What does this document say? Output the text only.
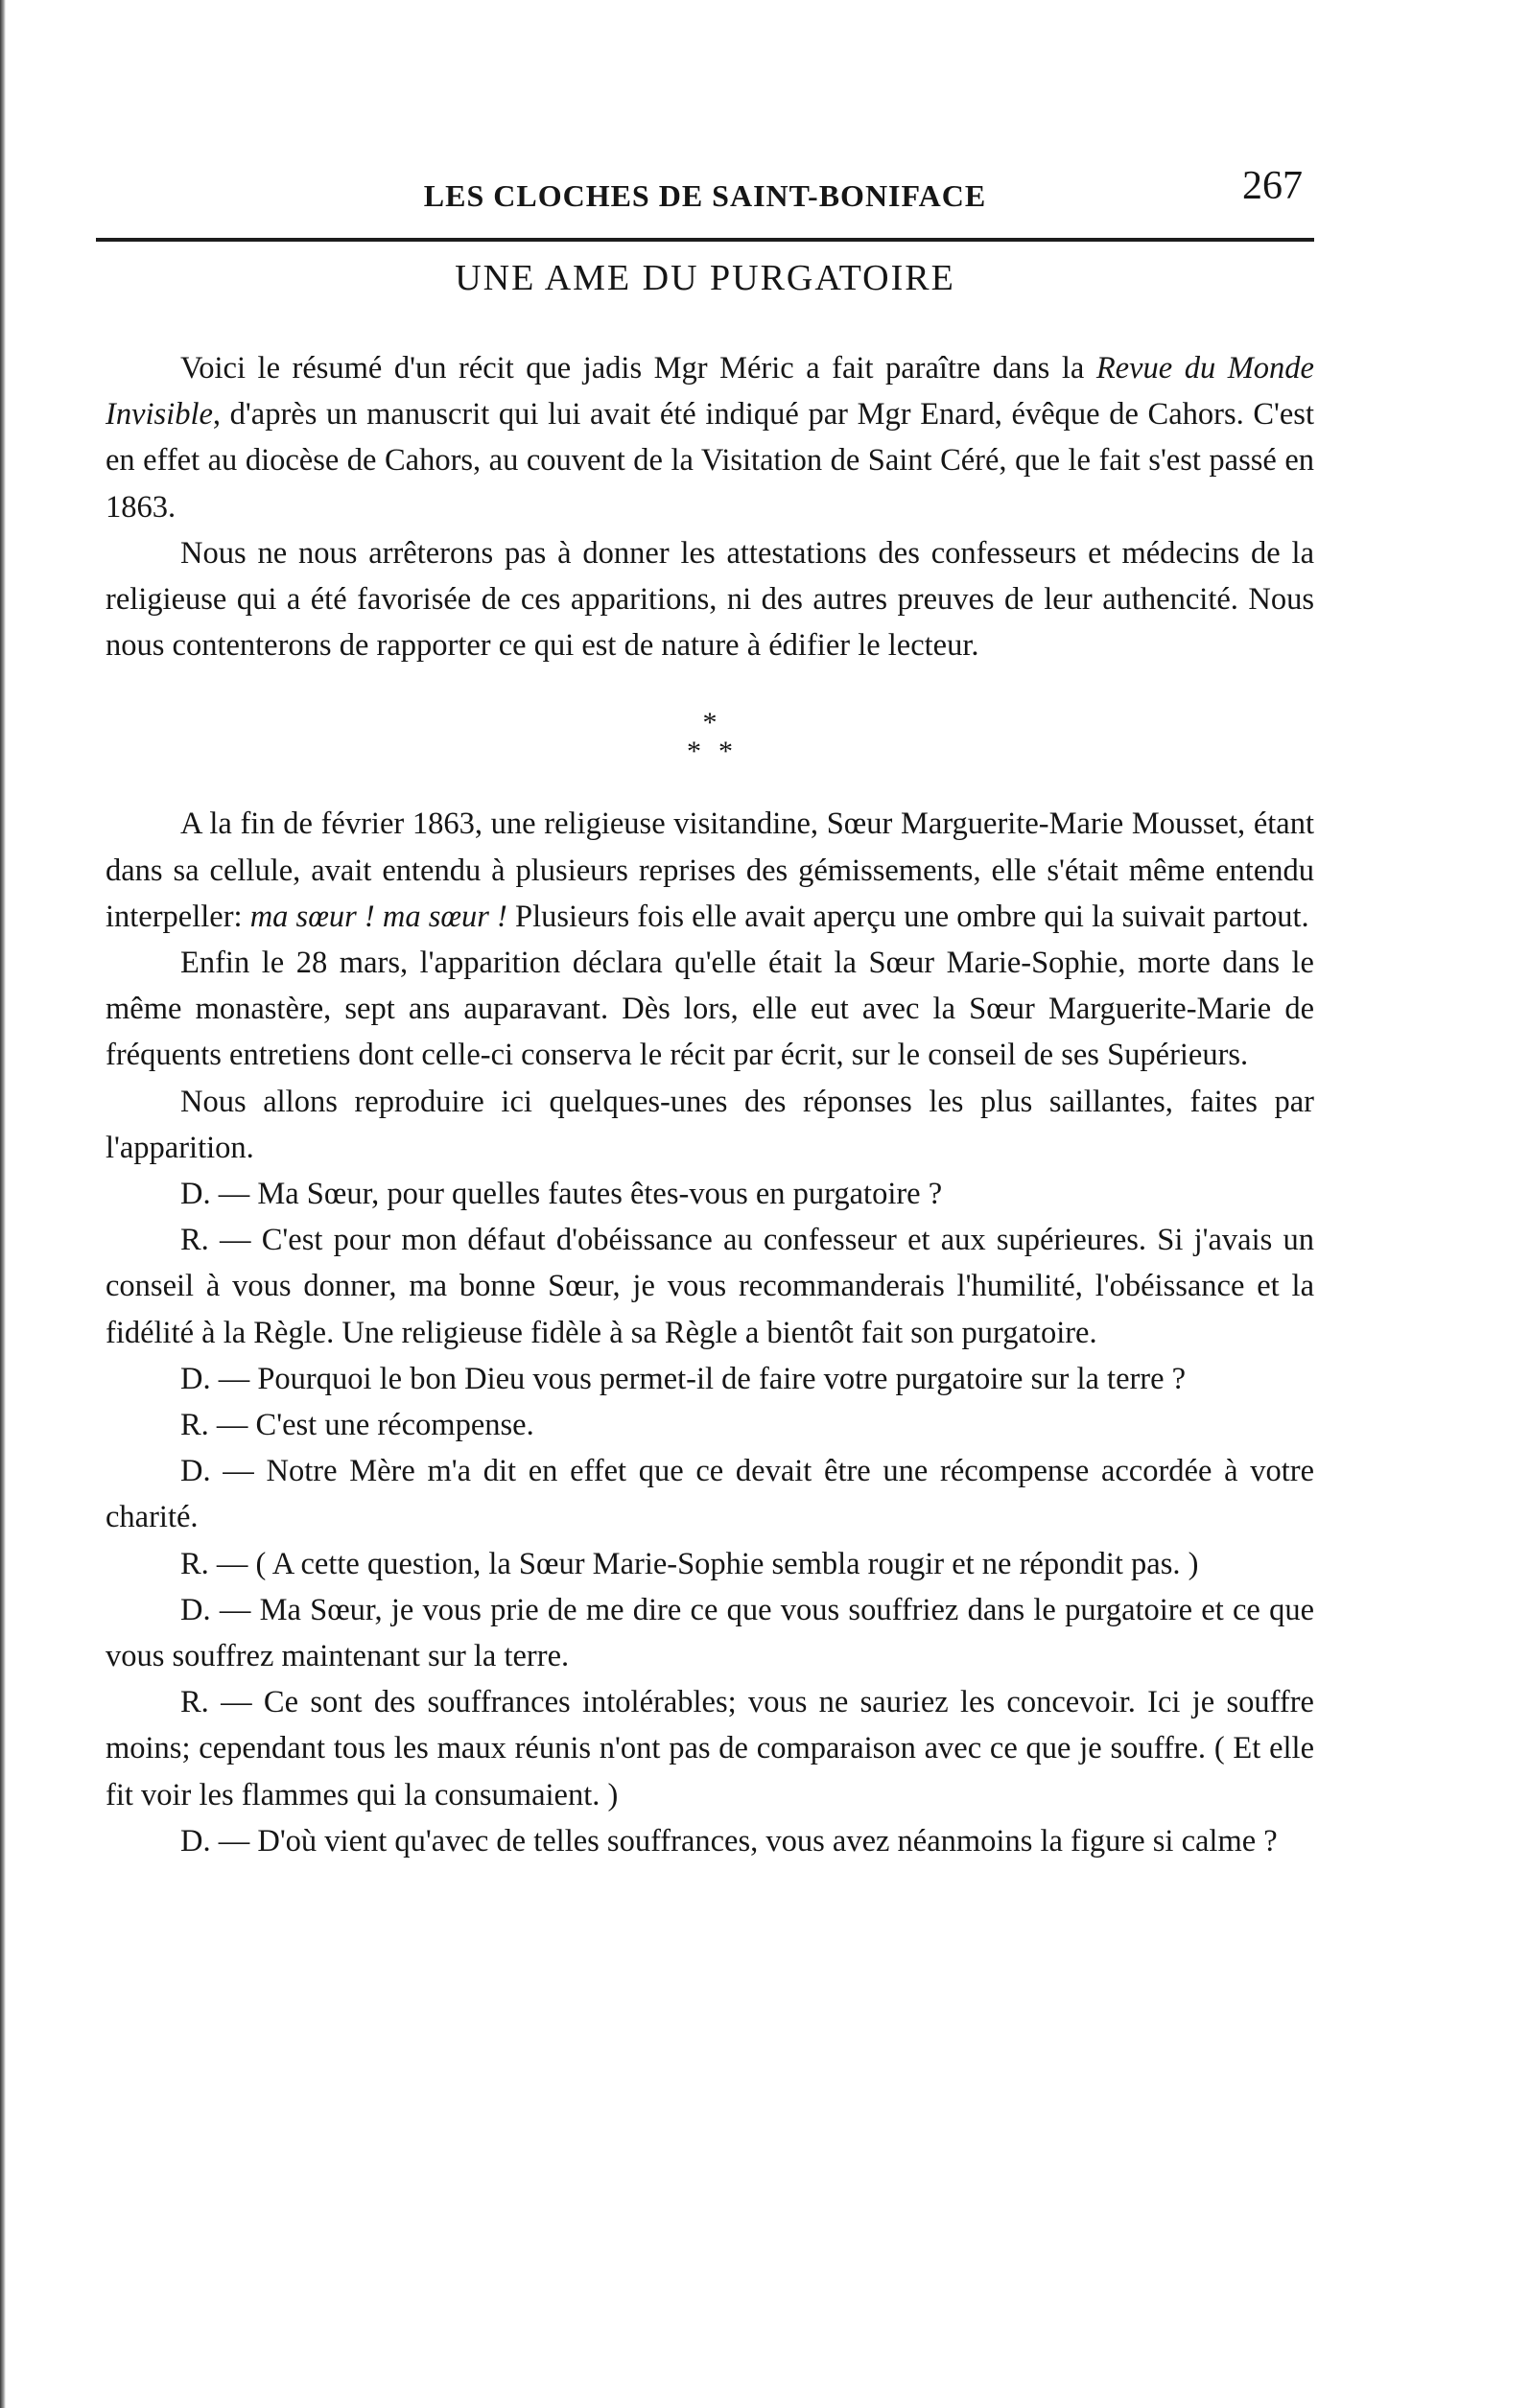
LES CLOCHES DE SAINT-BONIFACE	267
UNE AME DU PURGATOIRE

Voici le résumé d'un récit que jadis Mgr Méric a fait paraître dans la Revue du Monde Invisible, d'après un manuscrit qui lui avait été indiqué par Mgr Enard, évêque de Cahors. C'est en effet au diocèse de Cahors, au couvent de la Visitation de Saint Céré, que le fait s'est passé en 1863.

Nous ne nous arrêterons pas à donner les attestations des confesseurs et médecins de la religieuse qui a été favorisée de ces apparitions, ni des autres preuves de leur authencité. Nous nous contenterons de rapporter ce qui est de nature à édifier le lecteur.

*
**

A la fin de février 1863, une religieuse visitandine, Sœur Marguerite-Marie Mousset, étant dans sa cellule, avait entendu à plusieurs reprises des gémissements, elle s'était même entendu interpeller: ma sœur ! ma sœur ! Plusieurs fois elle avait aperçu une ombre qui la suivait partout.

Enfin le 28 mars, l'apparition déclara qu'elle était la Sœur Marie-Sophie, morte dans le même monastère, sept ans auparavant. Dès lors, elle eut avec la Sœur Marguerite-Marie de fréquents entretiens dont celle-ci conserva le récit par écrit, sur le conseil de ses Supérieurs.

Nous allons reproduire ici quelques-unes des réponses les plus saillantes, faites par l'apparition.

D. — Ma Sœur, pour quelles fautes êtes-vous en purgatoire ?

R. — C'est pour mon défaut d'obéissance au confesseur et aux supérieures. Si j'avais un conseil à vous donner, ma bonne Sœur, je vous recommanderais l'humilité, l'obéissance et la fidélité à la Règle. Une religieuse fidèle à sa Règle a bientôt fait son purgatoire.

D. — Pourquoi le bon Dieu vous permet-il de faire votre purgatoire sur la terre ?

R. — C'est une récompense.

D. — Notre Mère m'a dit en effet que ce devait être une récompense accordée à votre charité.

R. — ( A cette question, la Sœur Marie-Sophie sembla rougir et ne répondit pas. )

D. — Ma Sœur, je vous prie de me dire ce que vous souffriez dans le purgatoire et ce que vous souffrez maintenant sur la terre.

R. — Ce sont des souffrances intolérables; vous ne sauriez les concevoir. Ici je souffre moins; cependant tous les maux réunis n'ont pas de comparaison avec ce que je souffre. ( Et elle fit voir les flammes qui la consumaient. )

D. — D'où vient qu'avec de telles souffrances, vous avez néanmoins la figure si calme ?
